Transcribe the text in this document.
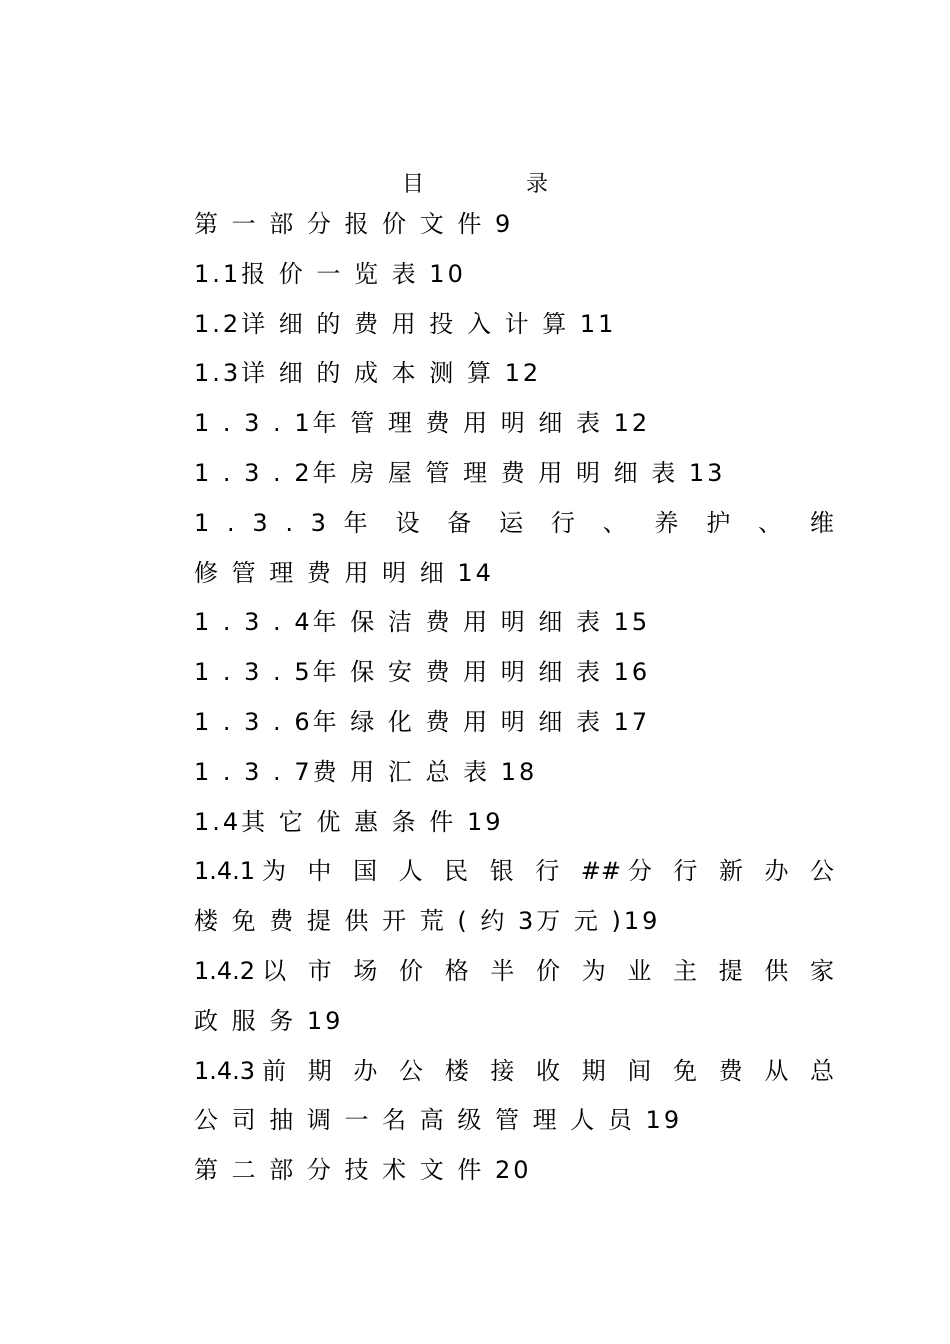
目　录
第 一 部 分 报 价 文 件 9
1.1报 价 一 览 表 10
1.2详 细 的 费 用 投 入 计 算 11
1.3详 细 的 成 本 测 算 12
1 . 3 . 1年 管 理 费 用 明 细 表 12
1 . 3 . 2年 房 屋 管 理 费 用 明 细 表 13
1 . 3 . 3 年 设 备 运 行 、 养 护 、 维
修 管 理 费 用 明 细 14
1 . 3 . 4年 保 洁 费 用 明 细 表 15
1 . 3 . 5年 保 安 费 用 明 细 表 16
1 . 3 . 6年 绿 化 费 用 明 细 表 17
1 . 3 . 7费 用 汇 总 表 18
1.4其 它 优 惠 条 件 19
1.4.1为 中 国 人 民 银 行 ##分 行 新 办 公
楼 免 费 提 供 开 荒 ( 约 3万 元 )19
1.4.2以 市 场 价 格 半 价 为 业 主 提 供 家
政 服 务 19
1.4.3前 期 办 公 楼 接 收 期 间 免 费 从 总
公 司 抽 调 一 名 高 级 管 理 人 员 19
第 二 部 分 技 术 文 件 20
